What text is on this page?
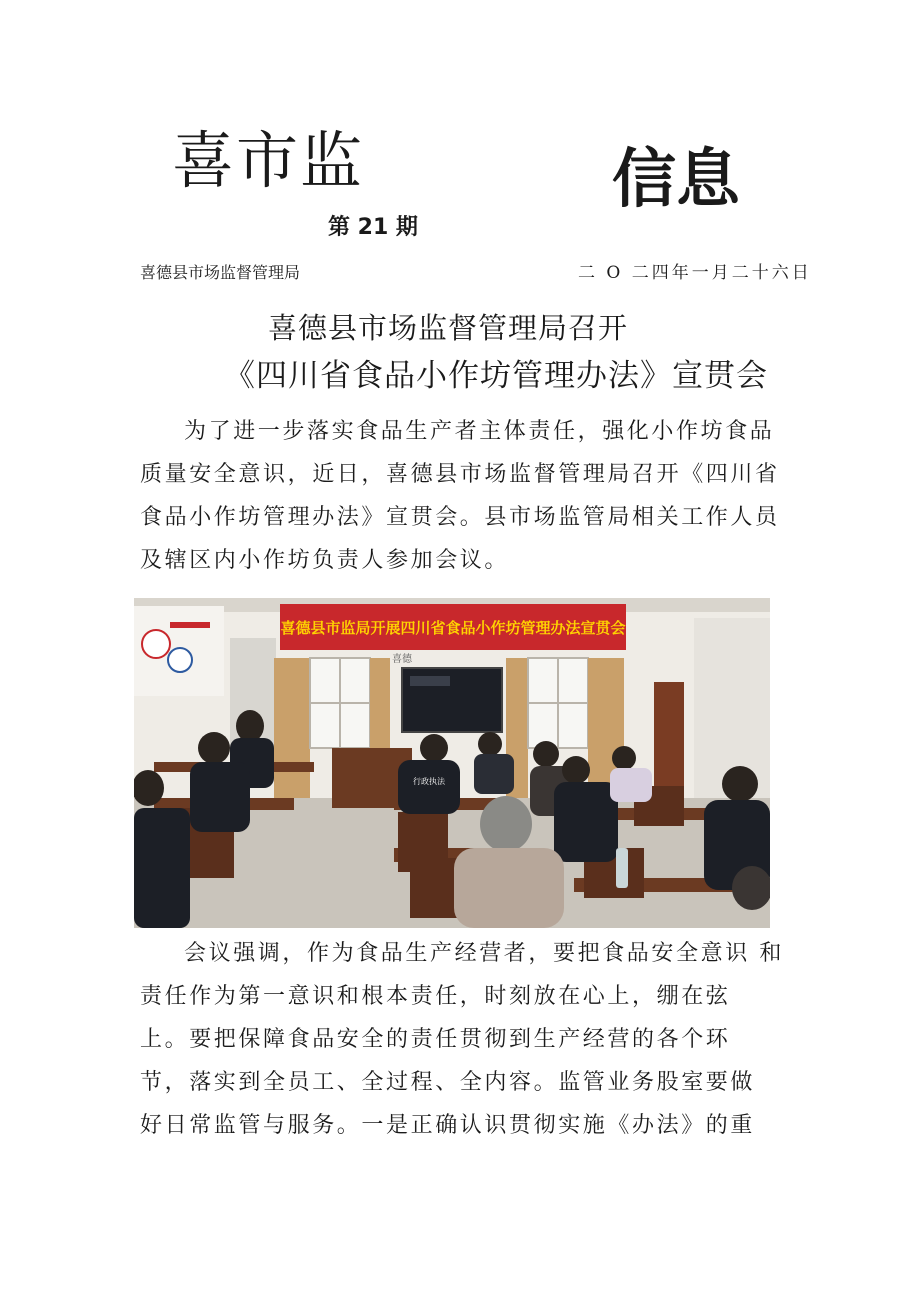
喜市监	信息
第 21 期
喜德县市场监督管理局	二 O 二四年一月二十六日
喜德县市场监督管理局召开
《四川省食品小作坊管理办法》宣贯会

为了进一步落实食品生产者主体责任，强化小作坊食品质量安全意识，近日，喜德县市场监督管理局召开《四川省食品小作坊管理办法》宣贯会。县市场监管局相关工作人员及辖区内小作坊负责人参加会议。

喜德县市监局开展四川省食品小作坊管理办法宣贯会
喜德
行政执法

会议强调，作为食品生产经营者，要把食品安全意识 和责任作为第一意识和根本责任，时刻放在心上，绷在弦 上。要把保障食品安全的责任贯彻到生产经营的各个环 节，落实到全员工、全过程、全内容。监管业务股室要做 好日常监管与服务。一是正确认识贯彻实施《办法》的重
